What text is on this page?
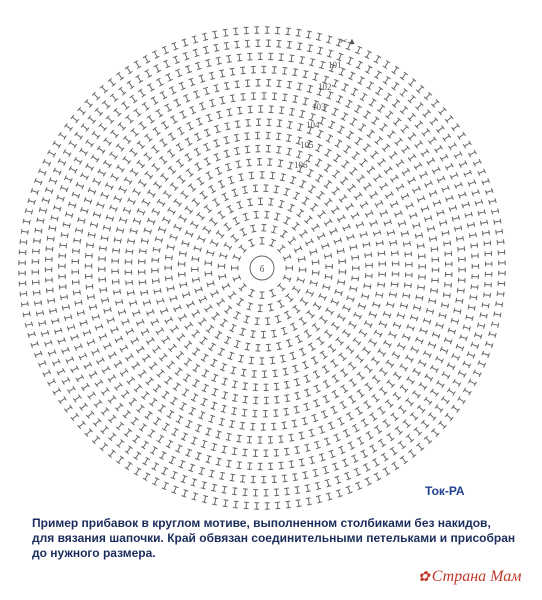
б
✂▲
101
102
103
104
105
106
Ток-РА
Пример прибавок в круглом мотиве, выполненном столбиками без накидов,
для вязания шапочки. Край обвязан соединительными петельками и присобран
до нужного размера.
✿ Страна Мам
